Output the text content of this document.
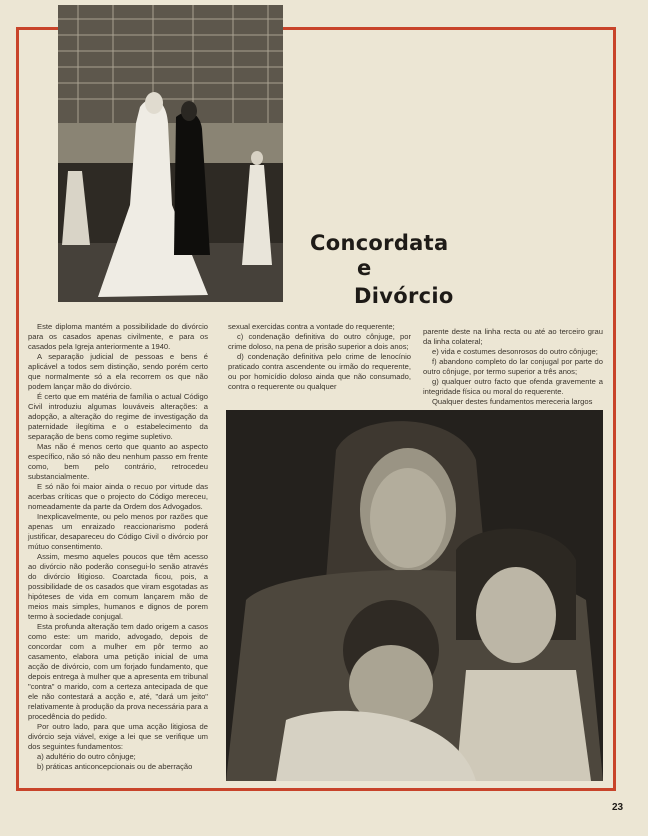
Concordata
e
Divórcio

Este diploma mantém a possibilidade do divórcio para os casados apenas civilmente, e para os casados pela Igreja anteriormente a 1940.

A separação judicial de pessoas e bens é aplicável a todos sem distinção, sendo porém certo que normalmente só a ela recorrem os que não podem lançar mão do divórcio.

É certo que em matéria de família o actual Código Civil introduziu algumas louváveis alterações: a adopção, a alteração do regime de investigação da paternidade ilegítima e o estabelecimento da separação de bens como regime supletivo.

Mas não é menos certo que quanto ao aspecto específico, não só não deu nenhum passo em frente como, bem pelo contrário, retrocedeu substancialmente.

E só não foi maior ainda o recuo por virtude das acerbas críticas que o projecto do Código mereceu, nomeadamente da parte da Ordem dos Advogados.

Inexplicavelmente, ou pelo menos por razões que apenas um enraizado reaccionarismo poderá justificar, desapareceu do Código Civil o divórcio por mútuo consentimento.

Assim, mesmo aqueles poucos que têm acesso ao divórcio não poderão consegui-lo senão através do divórcio litigioso. Coarctada ficou, pois, a possibilidade de os casados que viram esgotadas as hipóteses de vida em comum lançarem mão de meios mais simples, humanos e dignos de porem termo à sociedade conjugal.

Esta profunda alteração tem dado origem a casos como este: um marido, advogado, depois de concordar com a mulher em pôr termo ao casamento, elabora uma petição inicial de uma acção de divórcio, com um forjado fundamento, que depois entrega à mulher que a apresenta em tribunal "contra" o marido, com a certeza antecipada de que ele não contestará a acção e, até, "dará um jeito" relativamente à produção da prova necessária para a procedência do pedido.

Por outro lado, para que uma acção litigiosa de divórcio seja viável, exige a lei que se verifique um dos seguintes fundamentos:

a) adultério do outro cônjuge;

b) práticas anticoncepcionais ou de aberração

sexual exercidas contra a vontade do requerente;

c) condenação definitiva do outro cônjuge, por crime doloso, na pena de prisão superior a dois anos;

d) condenação definitiva pelo crime de lenocínio praticado contra ascendente ou irmão do requerente, ou por homicídio doloso ainda que não consumado, contra o requerente ou qualquer

parente deste na linha recta ou até ao terceiro grau da linha colateral;

e) vida e costumes desonrosos do outro cônjuge;

f) abandono completo do lar conjugal por parte do outro cônjuge, por termo superior a três anos;

g) qualquer outro facto que ofenda gravemente a integridade física ou moral do requerente.

Qualquer destes fundamentos mereceria largos

23
